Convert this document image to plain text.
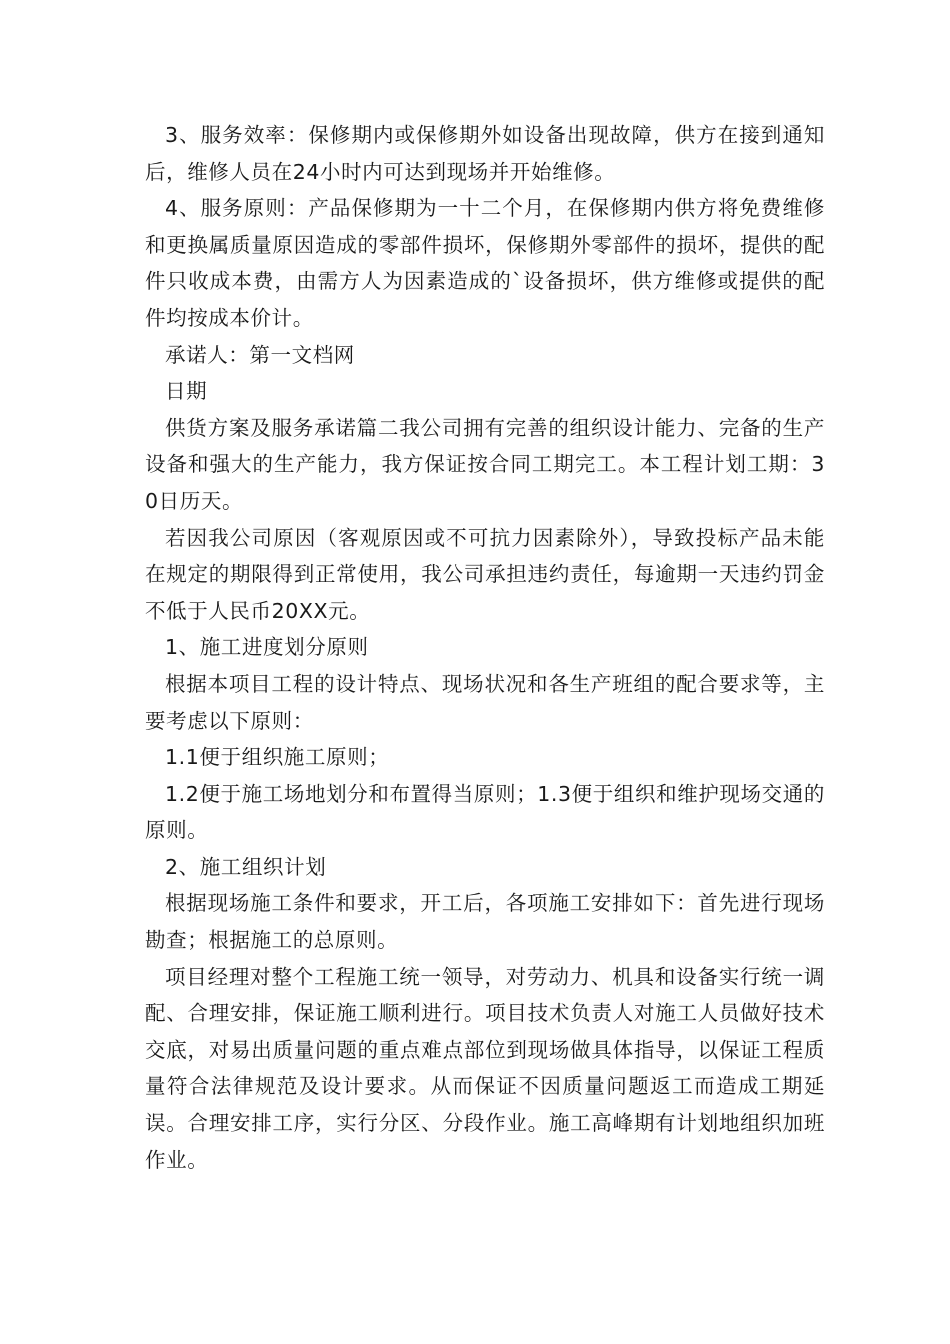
3、服务效率：保修期内或保修期外如设备出现故障，供方在接到通知后，维修人员在24小时内可达到现场并开始维修。

4、服务原则：产品保修期为一十二个月，在保修期内供方将免费维修和更换属质量原因造成的零部件损坏，保修期外零部件的损坏，提供的配件只收成本费，由需方人为因素造成的`设备损坏，供方维修或提供的配件均按成本价计。

承诺人：第一文档网

日期

供货方案及服务承诺篇二我公司拥有完善的组织设计能力、完备的生产设备和强大的生产能力，我方保证按合同工期完工。本工程计划工期：30日历天。

若因我公司原因（客观原因或不可抗力因素除外），导致投标产品未能在规定的期限得到正常使用，我公司承担违约责任，每逾期一天违约罚金不低于人民币20XX元。

1、施工进度划分原则

根据本项目工程的设计特点、现场状况和各生产班组的配合要求等，主要考虑以下原则：

1.1便于组织施工原则；

1.2便于施工场地划分和布置得当原则；1.3便于组织和维护现场交通的原则。

2、施工组织计划

根据现场施工条件和要求，开工后，各项施工安排如下：首先进行现场勘查；根据施工的总原则。

项目经理对整个工程施工统一领导，对劳动力、机具和设备实行统一调配、合理安排，保证施工顺利进行。项目技术负责人对施工人员做好技术交底，对易出质量问题的重点难点部位到现场做具体指导，以保证工程质量符合法律规范及设计要求。从而保证不因质量问题返工而造成工期延误。合理安排工序，实行分区、分段作业。施工高峰期有计划地组织加班作业。
